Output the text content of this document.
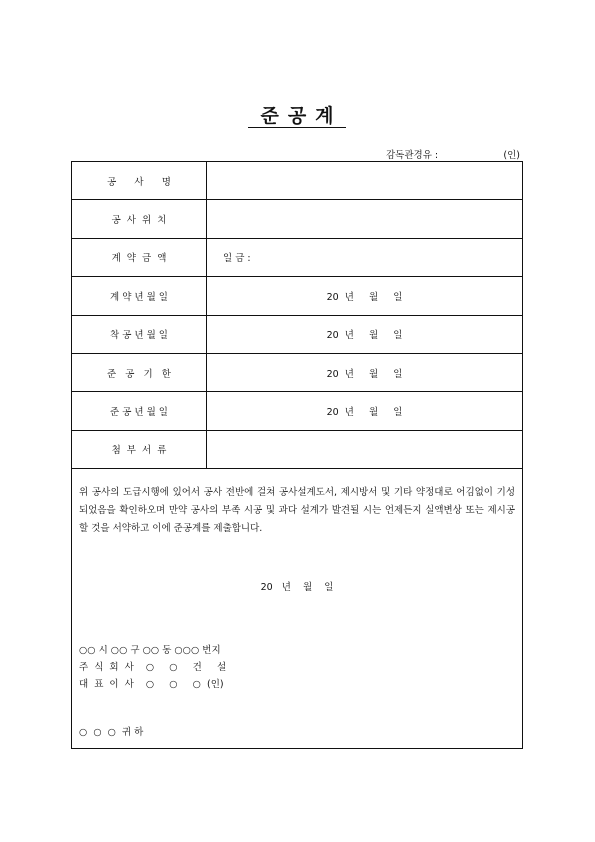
준공계
감독관경유 :	(인)
공      사      명
공  사  위  치
계  약  금  액	일 금 :
계 약 년 월 일	20  년     월     일
착 공 년 월 일	20  년     월     일
준   공   기   한	20  년     월     일
준 공 년 월 일	20  년     월     일
첨  부  서  류
위 공사의 도급시행에 있어서 공사 전반에 걸쳐 공사설계도서, 제시방서 및 기타 약정대로 어김없이 기성 되었음을 확인하오며 만약 공사의 부족 시공 및 과다 설계가 발견될 시는 언제든지 실액변상 또는 제시공 할 것을 서약하고 이에 준공계를 제출합니다.
20   년    월    일
○○ 시 ○○ 구 ○○ 동 ○○○ 번지
주  식  회  사    ○     ○     건     설
대  표  이  사    ○     ○     ○  (인)
○  ○  ○  귀 하
